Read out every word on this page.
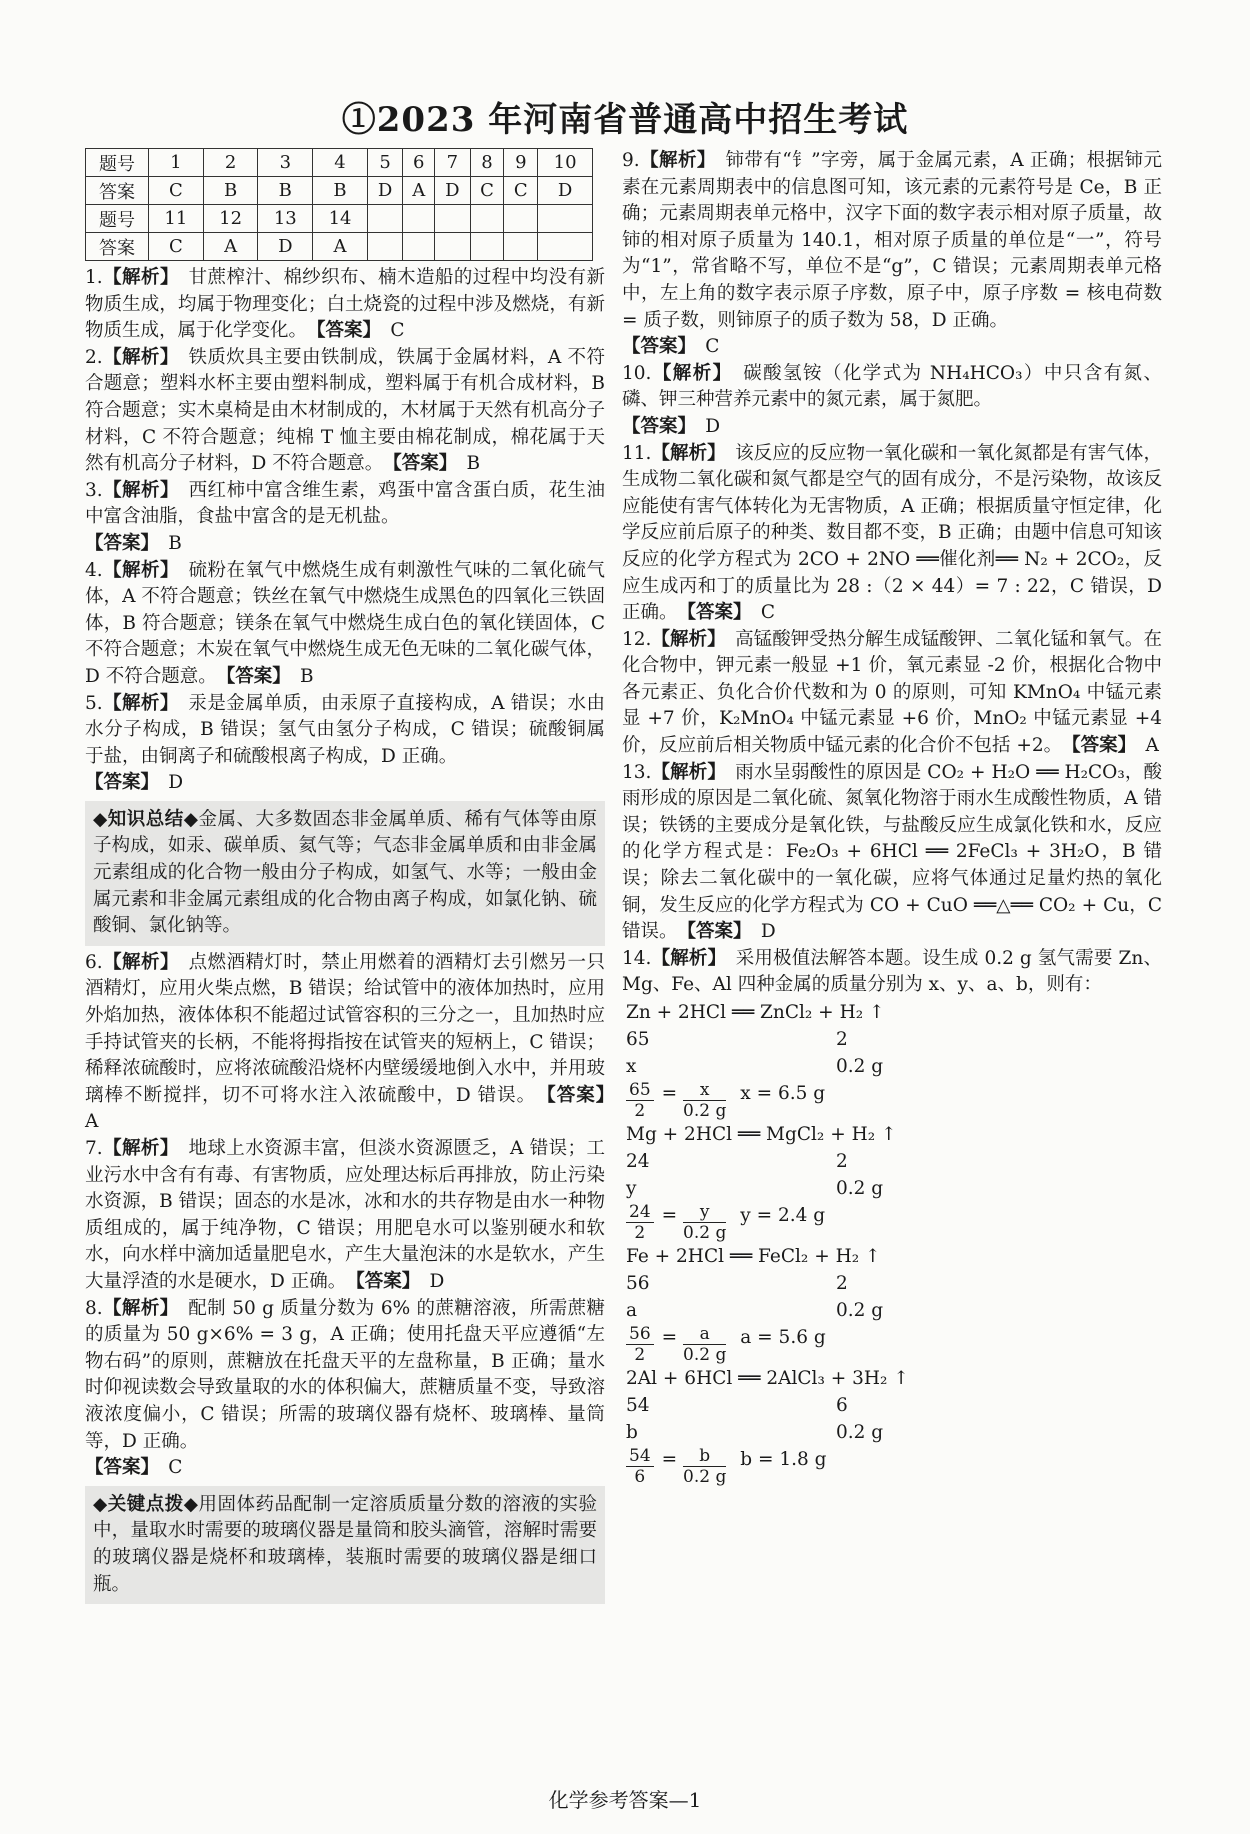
①2023 年河南省普通高中招生考试
题号	1	2	3	4	5	6	7	8	9	10
答案	C	B	B	B	D	A	D	C	C	D
题号	11	12	13	14						
答案	C	A	D	A						

1.【解析】　 甘蔗榨汁、棉纱织布、楠木造船的过程中均没有新物质生成，均属于物理变化；白土烧瓷的过程中涉及燃烧，有新物质生成，属于化学变化。　 【答案】　 C

2.【解析】　 铁质炊具主要由铁制成，铁属于金属材料，A 不符合题意；塑料水杯主要由塑料制成，塑料属于有机合成材料，B 符合题意；实木桌椅是由木材制成的，木材属于天然有机高分子材料，C 不符合题意；纯棉 T 恤主要由棉花制成，棉花属于天然有机高分子材料，D 不符合题意。　 【答案】　 B

3.【解析】　 西红柿中富含维生素，鸡蛋中富含蛋白质，花生油中富含油脂，食盐中富含的是无机盐。
【答案】　 B

4.【解析】　 硫粉在氧气中燃烧生成有刺激性气味的二氧化硫气体，A 不符合题意；铁丝在氧气中燃烧生成黑色的四氧化三铁固体，B 符合题意；镁条在氧气中燃烧生成白色的氧化镁固体，C 不符合题意；木炭在氧气中燃烧生成无色无味的二氧化碳气体，D 不符合题意。　 【答案】　 B

5.【解析】　 汞是金属单质，由汞原子直接构成，A 错误；水由水分子构成，B 错误；氢气由氢分子构成，C 错误；硫酸铜属于盐，由铜离子和硫酸根离子构成，D 正确。
【答案】　 D

◆知识总结◆金属、大多数固态非金属单质、稀有气体等由原子构成，如汞、碳单质、氦气等；气态非金属单质和由非金属元素组成的化合物一般由分子构成，如氢气、水等；一般由金属元素和非金属元素组成的化合物由离子构成，如氯化钠、硫酸铜、氯化钠等。

6.【解析】　 点燃酒精灯时，禁止用燃着的酒精灯去引燃另一只酒精灯，应用火柴点燃，B 错误；给试管中的液体加热时，应用外焰加热，液体体积不能超过试管容积的三分之一，且加热时应手持试管夹的长柄，不能将拇指按在试管夹的短柄上，C 错误；稀释浓硫酸时，应将浓硫酸沿烧杯内壁缓缓地倒入水中，并用玻璃棒不断搅拌，切不可将水注入浓硫酸中，D 错误。　 【答案】　A

7.【解析】　 地球上水资源丰富，但淡水资源匮乏，A 错误；工业污水中含有有毒、有害物质，应处理达标后再排放，防止污染水资源，B 错误；固态的水是冰，冰和水的共存物是由水一种物质组成的，属于纯净物，C 错误；用肥皂水可以鉴别硬水和软水，向水样中滴加适量肥皂水，产生大量泡沫的水是软水，产生大量浮渣的水是硬水，D 正确。　 【答案】　 D

8.【解析】　 配制 50 g 质量分数为 6% 的蔗糖溶液，所需蔗糖的质量为 50 g×6% = 3 g，A 正确；使用托盘天平应遵循“左物右码”的原则，蔗糖放在托盘天平的左盘称量，B 正确；量水时仰视读数会导致量取的水的体积偏大，蔗糖质量不变，导致溶液浓度偏小，C 错误；所需的玻璃仪器有烧杯、玻璃棒、量筒等，D 正确。
【答案】　 C

◆关键点拨◆用固体药品配制一定溶质质量分数的溶液的实验中，量取水时需要的玻璃仪器是量筒和胶头滴管，溶解时需要的玻璃仪器是烧杯和玻璃棒，装瓶时需要的玻璃仪器是细口瓶。

9.【解析】　 铈带有“钅”字旁，属于金属元素，A 正确；根据铈元素在元素周期表中的信息图可知，该元素的元素符号是 Ce，B 正确；元素周期表单元格中，汉字下面的数字表示相对原子质量，故铈的相对原子质量为 140.1，相对原子质量的单位是“一”，符号为“1”，常省略不写，单位不是“g”，C 错误；元素周期表单元格中，左上角的数字表示原子序数，原子中，原子序数 = 核电荷数 = 质子数，则铈原子的质子数为 58，D 正确。
【答案】　 C

10.【解析】　 碳酸氢铵（化学式为 NH₄HCO₃）中只含有氮、磷、钾三种营养元素中的氮元素，属于氮肥。
【答案】　 D

11.【解析】　 该反应的反应物一氧化碳和一氧化氮都是有害气体，生成物二氧化碳和氮气都是空气的固有成分，不是污染物，故该反应能使有害气体转化为无害物质，A 正确；根据质量守恒定律，化学反应前后原子的种类、数目都不变，B 正确；由题中信息可知该反应的化学方程式为 2CO + 2NO ══催化剂══ N₂ + 2CO₂，反应生成丙和丁的质量比为 28 :（2 × 44）= 7 : 22，C 错误，D 正确。　 【答案】　 C

12.【解析】　 高锰酸钾受热分解生成锰酸钾、二氧化锰和氧气。在化合物中，钾元素一般显 +1 价，氧元素显 -2 价，根据化合物中各元素正、负化合价代数和为 0 的原则，可知 KMnO₄ 中锰元素显 +7 价，K₂MnO₄ 中锰元素显 +6 价，MnO₂ 中锰元素显 +4 价，反应前后相关物质中锰元素的化合价不包括 +2。　 【答案】　 A

13.【解析】　 雨水呈弱酸性的原因是 CO₂ + H₂O ══ H₂CO₃，酸雨形成的原因是二氧化硫、氮氧化物溶于雨水生成酸性物质，A 错误；铁锈的主要成分是氧化铁，与盐酸反应生成氯化铁和水，反应的化学方程式是：Fe₂O₃ + 6HCl ══ 2FeCl₃ + 3H₂O，B 错误；除去二氧化碳中的一氧化碳，应将气体通过足量灼热的氧化铜，发生反应的化学方程式为 CO + CuO ══△══ CO₂ + Cu，C 错误。　 【答案】　 D

14.【解析】　 采用极值法解答本题。设生成 0.2 g 氢气需要 Zn、Mg、Fe、Al 四种金属的质量分别为 x、y、a、b，则有：

Zn + 2HCl ══ ZnCl₂ + H₂ ↑
65	2
x	0.2 g
$\frac{65}{2}$ =
$\frac{x}{0.2 g}$
x = 6.5 g
Mg + 2HCl ══ MgCl₂ + H₂ ↑
24	2
y	0.2 g
$\frac{24}{2}$ =
$\frac{y}{0.2 g}$
y = 2.4 g
Fe + 2HCl ══ FeCl₂ + H₂ ↑
56	2
a	0.2 g
$\frac{56}{2}$ =
$\frac{a}{0.2 g}$
a = 5.6 g
2Al + 6HCl ══ 2AlCl₃ + 3H₂ ↑
54	6
b	0.2 g
$\frac{54}{6}$ =
$\frac{b}{0.2 g}$
b = 1.8 g
化学参考答案—1
